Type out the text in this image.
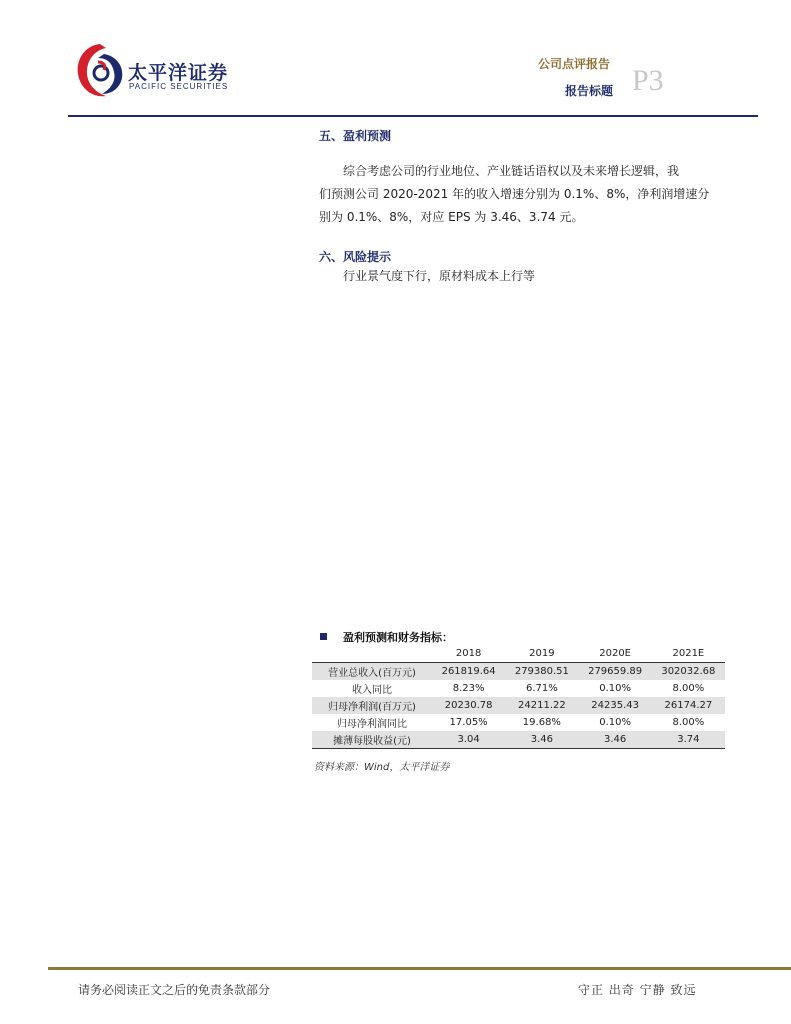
太平洋证券
PACIFIC SECURITIES
公司点评报告
报告标题 P3
五、盈利预测
综合考虑公司的行业地位、产业链话语权以及未来增长逻辑，我
们预测公司 2020-2021 年的收入增速分别为 0.1%、8%，净利润增速分
别为 0.1%、8%，对应 EPS 为 3.46、3.74 元。
六、风险提示
行业景气度下行，原材料成本上行等
盈利预测和财务指标：
	2018	2019	2020E	2021E
营业总收入(百万元)	261819.64	279380.51	279659.89	302032.68
收入同比	8.23%	6.71%	0.10%	8.00%
归母净利润(百万元)	20230.78	24211.22	24235.43	26174.27
归母净利润同比	17.05%	19.68%	0.10%	8.00%
摊薄每股收益(元)	3.04	3.46	3.46	3.74
资料来源：Wind，太平洋证券
请务必阅读正文之后的免责条款部分	守正 出奇 宁静 致远
